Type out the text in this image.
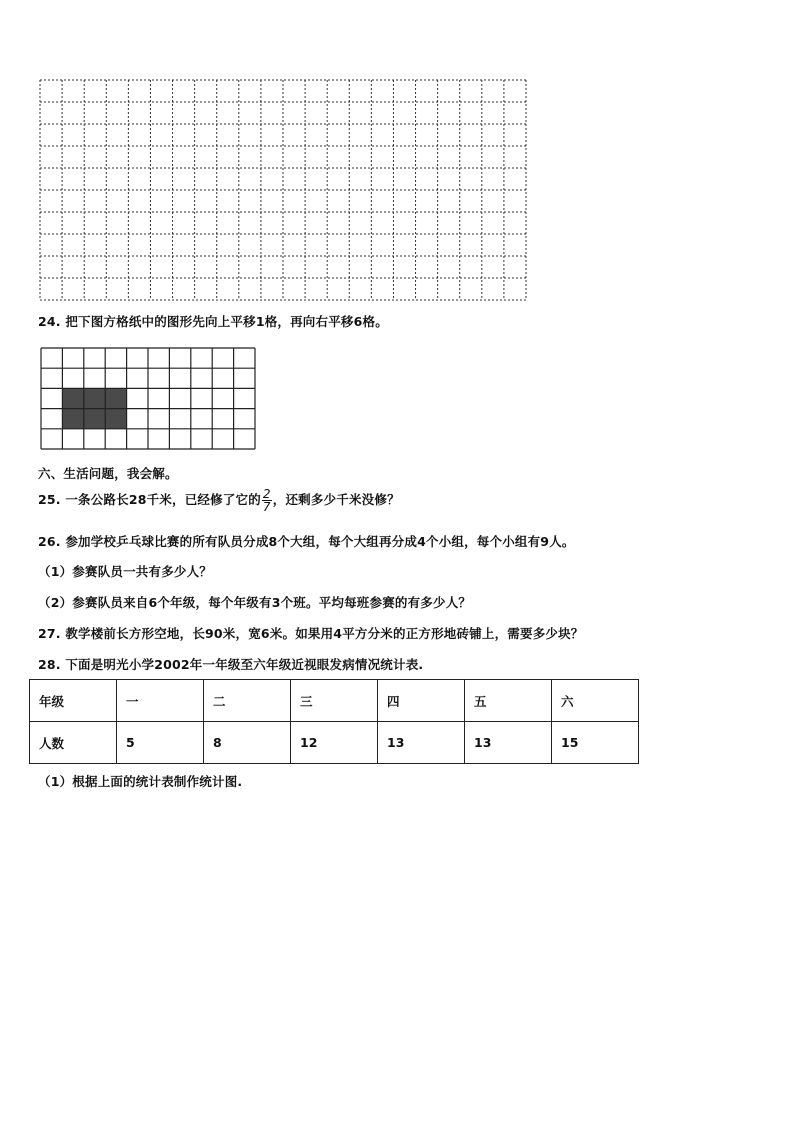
24. 把下图方格纸中的图形先向上平移1格，再向右平移6格。
六、生活问题，我会解。
25. 一条公路长28千米，已经修了它的 $\frac{2}{7}$ ，还剩多少千米没修？
26. 参加学校乒乓球比赛的所有队员分成8个大组，每个大组再分成4个小组，每个小组有9人。
（1）参赛队员一共有多少人？
（2）参赛队员来自6个年级，每个年级有3个班。平均每班参赛的有多少人？
27. 教学楼前长方形空地，长90米，宽6米。如果用4平方分米的正方形地砖铺上，需要多少块？
28. 下面是明光小学2002年一年级至六年级近视眼发病情况统计表.
年级	一	二	三	四	五	六
人数	5	8	12	13	13	15
（1）根据上面的统计表制作统计图.
